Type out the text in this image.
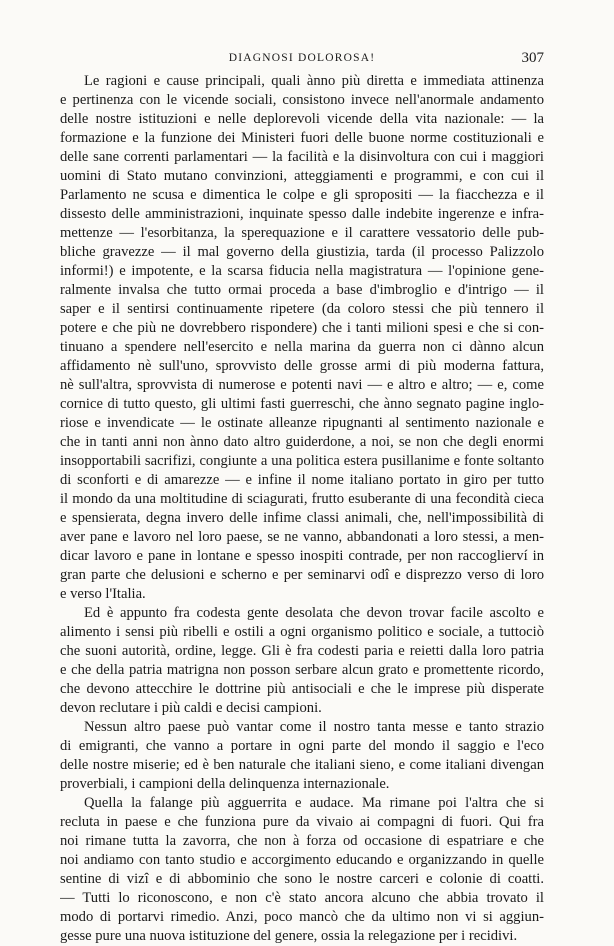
DIAGNOSI DOLOROSA!	307
Le ragioni e cause principali, quali ànno più diretta e immediata attinenza
e pertinenza con le vicende sociali, consistono invece nell'anormale andamento
delle nostre istituzioni e nelle deplorevoli vicende della vita nazionale: — la
formazione e la funzione dei Ministeri fuori delle buone norme costituzionali e
delle sane correnti parlamentari — la facilità e la disinvoltura con cui i maggiori
uomini di Stato mutano convinzioni, atteggiamenti e programmi, e con cui il
Parlamento ne scusa e dimentica le colpe e gli spropositi — la fiacchezza e il
dissesto delle amministrazioni, inquinate spesso dalle indebite ingerenze e infra-
mettenze — l'esorbitanza, la sperequazione e il carattere vessatorio delle pub-
bliche gravezze — il mal governo della giustizia, tarda (il processo Palizzolo
informi!) e impotente, e la scarsa fiducia nella magistratura — l'opinione gene-
ralmente invalsa che tutto ormai proceda a base d'imbroglio e d'intrigo — il
saper e il sentirsi continuamente ripetere (da coloro stessi che più tennero il
potere e che più ne dovrebbero rispondere) che i tanti milioni spesi e che si con-
tinuano a spendere nell'esercito e nella marina da guerra non ci dànno alcun
affidamento nè sull'uno, sprovvisto delle grosse armi di più moderna fattura,
nè sull'altra, sprovvista di numerose e potenti navi — e altro e altro; — e, come
cornice di tutto questo, gli ultimi fasti guerreschi, che ànno segnato pagine inglo-
riose e invendicate — le ostinate alleanze ripugnanti al sentimento nazionale e
che in tanti anni non ànno dato altro guiderdone, a noi, se non che degli enormi
insopportabili sacrifizi, congiunte a una politica estera pusillanime e fonte soltanto
di sconforti e di amarezze — e infine il nome italiano portato in giro per tutto
il mondo da una moltitudine di sciagurati, frutto esuberante di una fecondità cieca
e spensierata, degna invero delle infime classi animali, che, nell'impossibilità di
aver pane e lavoro nel loro paese, se ne vanno, abbandonati a loro stessi, a men-
dicar lavoro e pane in lontane e spesso inospiti contrade, per non raccoglierví in
gran parte che delusioni e scherno e per seminarvi odî e disprezzo verso di loro
e verso l'Italia.
Ed è appunto fra codesta gente desolata che devon trovar facile ascolto e
alimento i sensi più ribelli e ostili a ogni organismo politico e sociale, a tuttociò
che suoni autorità, ordine, legge. Gli è fra codesti paria e reietti dalla loro patria
e che della patria matrigna non posson serbare alcun grato e promettente ricordo,
che devono attecchire le dottrine più antisociali e che le imprese più disperate
devon reclutare i più caldi e decisi campioni.
Nessun altro paese può vantar come il nostro tanta messe e tanto strazio
di emigranti, che vanno a portare in ogni parte del mondo il saggio e l'eco
delle nostre miserie; ed è ben naturale che italiani sieno, e come italiani divengan
proverbiali, i campioni della delinquenza internazionale.
Quella la falange più agguerrita e audace. Ma rimane poi l'altra che si
recluta in paese e che funziona pure da vivaio ai compagni di fuori. Qui fra
noi rimane tutta la zavorra, che non à forza od occasione di espatriare e che
noi andiamo con tanto studio e accorgimento educando e organizzando in quelle
sentine di vizî e di abbominio che sono le nostre carceri e colonie di coatti.
— Tutti lo riconoscono, e non c'è stato ancora alcuno che abbia trovato il
modo di portarvi rimedio. Anzi, poco mancò che da ultimo non vi si aggiun-
gesse pure una nuova istituzione del genere, ossia la relegazione per i recidivi.
